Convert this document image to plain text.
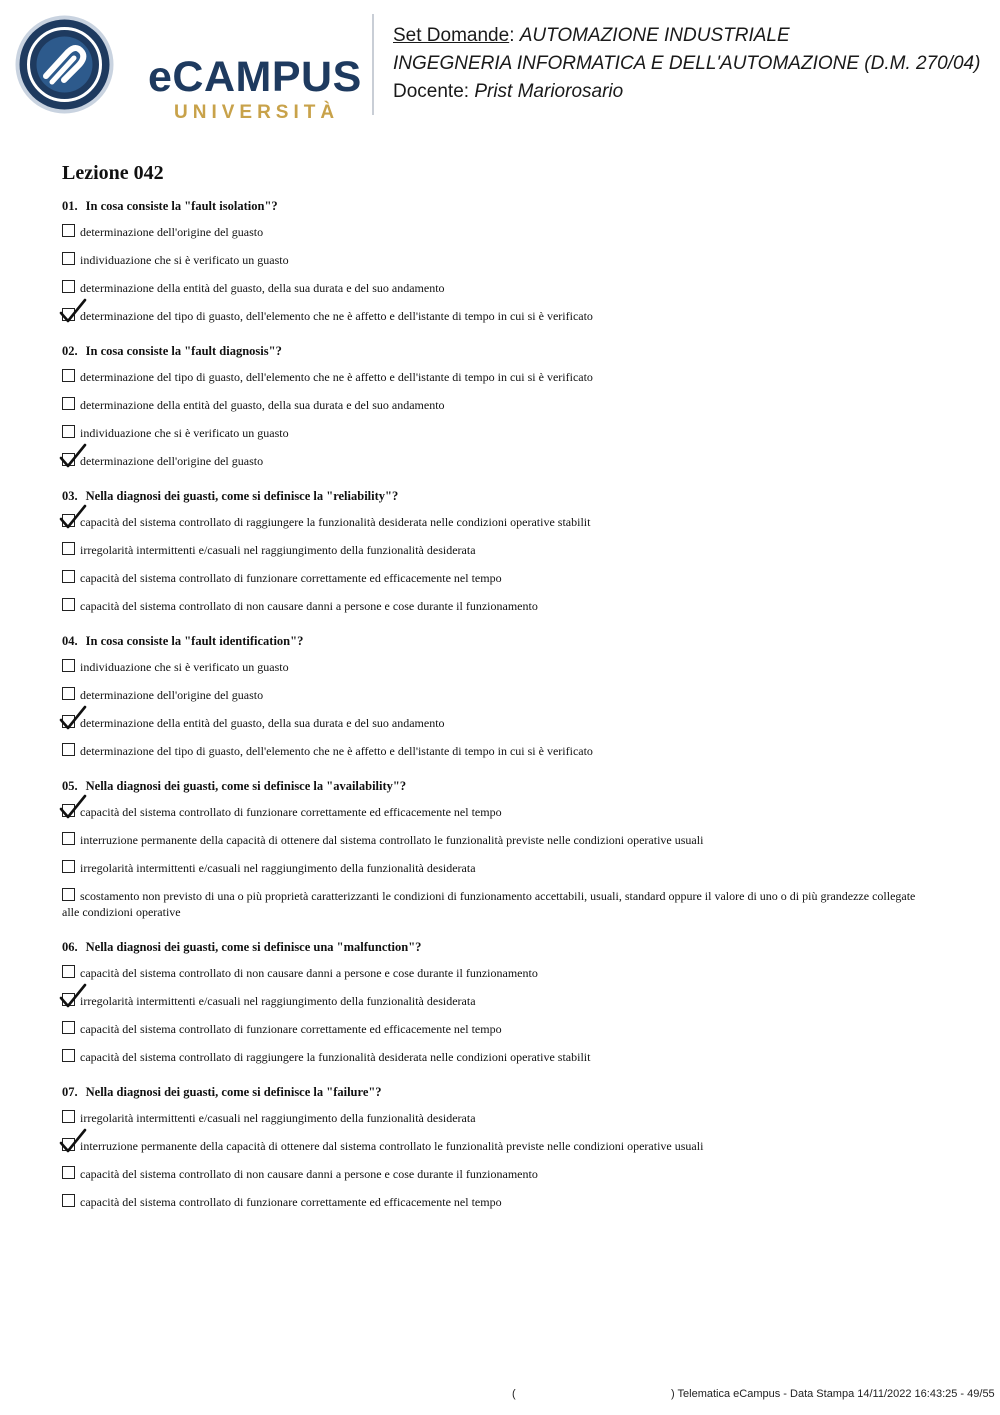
eCAMPUS
UNIVERSITÀ
Set Domande: AUTOMAZIONE INDUSTRIALE
INGEGNERIA INFORMATICA E DELL'AUTOMAZIONE (D.M. 270/04)
Docente: Prist Mariorosario
Lezione 042
01. In cosa consiste la "fault isolation"?
determinazione dell'origine del guasto
individuazione che si è verificato un guasto
determinazione della entità del guasto, della sua durata e del suo andamento
determinazione del tipo di guasto, dell'elemento che ne è affetto e dell'istante di tempo in cui si è verificato
02. In cosa consiste la "fault diagnosis"?
determinazione del tipo di guasto, dell'elemento che ne è affetto e dell'istante di tempo in cui si è verificato
determinazione della entità del guasto, della sua durata e del suo andamento
individuazione che si è verificato un guasto
determinazione dell'origine del guasto
03. Nella diagnosi dei guasti, come si definisce la "reliability"?
capacità del sistema controllato di raggiungere la funzionalità desiderata nelle condizioni operative stabilit
irregolarità intermittenti e/casuali nel raggiungimento della funzionalità desiderata
capacità del sistema controllato di funzionare correttamente ed efficacemente nel tempo
capacità del sistema controllato di non causare danni a persone e cose durante il funzionamento
04. In cosa consiste la "fault identification"?
individuazione che si è verificato un guasto
determinazione dell'origine del guasto
determinazione della entità del guasto, della sua durata e del suo andamento
determinazione del tipo di guasto, dell'elemento che ne è affetto e dell'istante di tempo in cui si è verificato
05. Nella diagnosi dei guasti, come si definisce la "availability"?
capacità del sistema controllato di funzionare correttamente ed efficacemente nel tempo
interruzione permanente della capacità di ottenere dal sistema controllato le funzionalità previste nelle condizioni operative usuali
irregolarità intermittenti e/casuali nel raggiungimento della funzionalità desiderata
scostamento non previsto di una o più proprietà caratterizzanti le condizioni di funzionamento accettabili, usuali, standard oppure il valore di uno o di più grandezze collegate alle condizioni operative
06. Nella diagnosi dei guasti, come si definisce una "malfunction"?
capacità del sistema controllato di non causare danni a persone e cose durante il funzionamento
irregolarità intermittenti e/casuali nel raggiungimento della funzionalità desiderata
capacità del sistema controllato di funzionare correttamente ed efficacemente nel tempo
capacità del sistema controllato di raggiungere la funzionalità desiderata nelle condizioni operative stabilit
07. Nella diagnosi dei guasti, come si definisce la "failure"?
irregolarità intermittenti e/casuali nel raggiungimento della funzionalità desiderata
interruzione permanente della capacità di ottenere dal sistema controllato le funzionalità previste nelle condizioni operative usuali
capacità del sistema controllato di non causare danni a persone e cose durante il funzionamento
capacità del sistema controllato di funzionare correttamente ed efficacemente nel tempo
(	) Telematica eCampus - Data Stampa 14/11/2022 16:43:25 - 49/55
